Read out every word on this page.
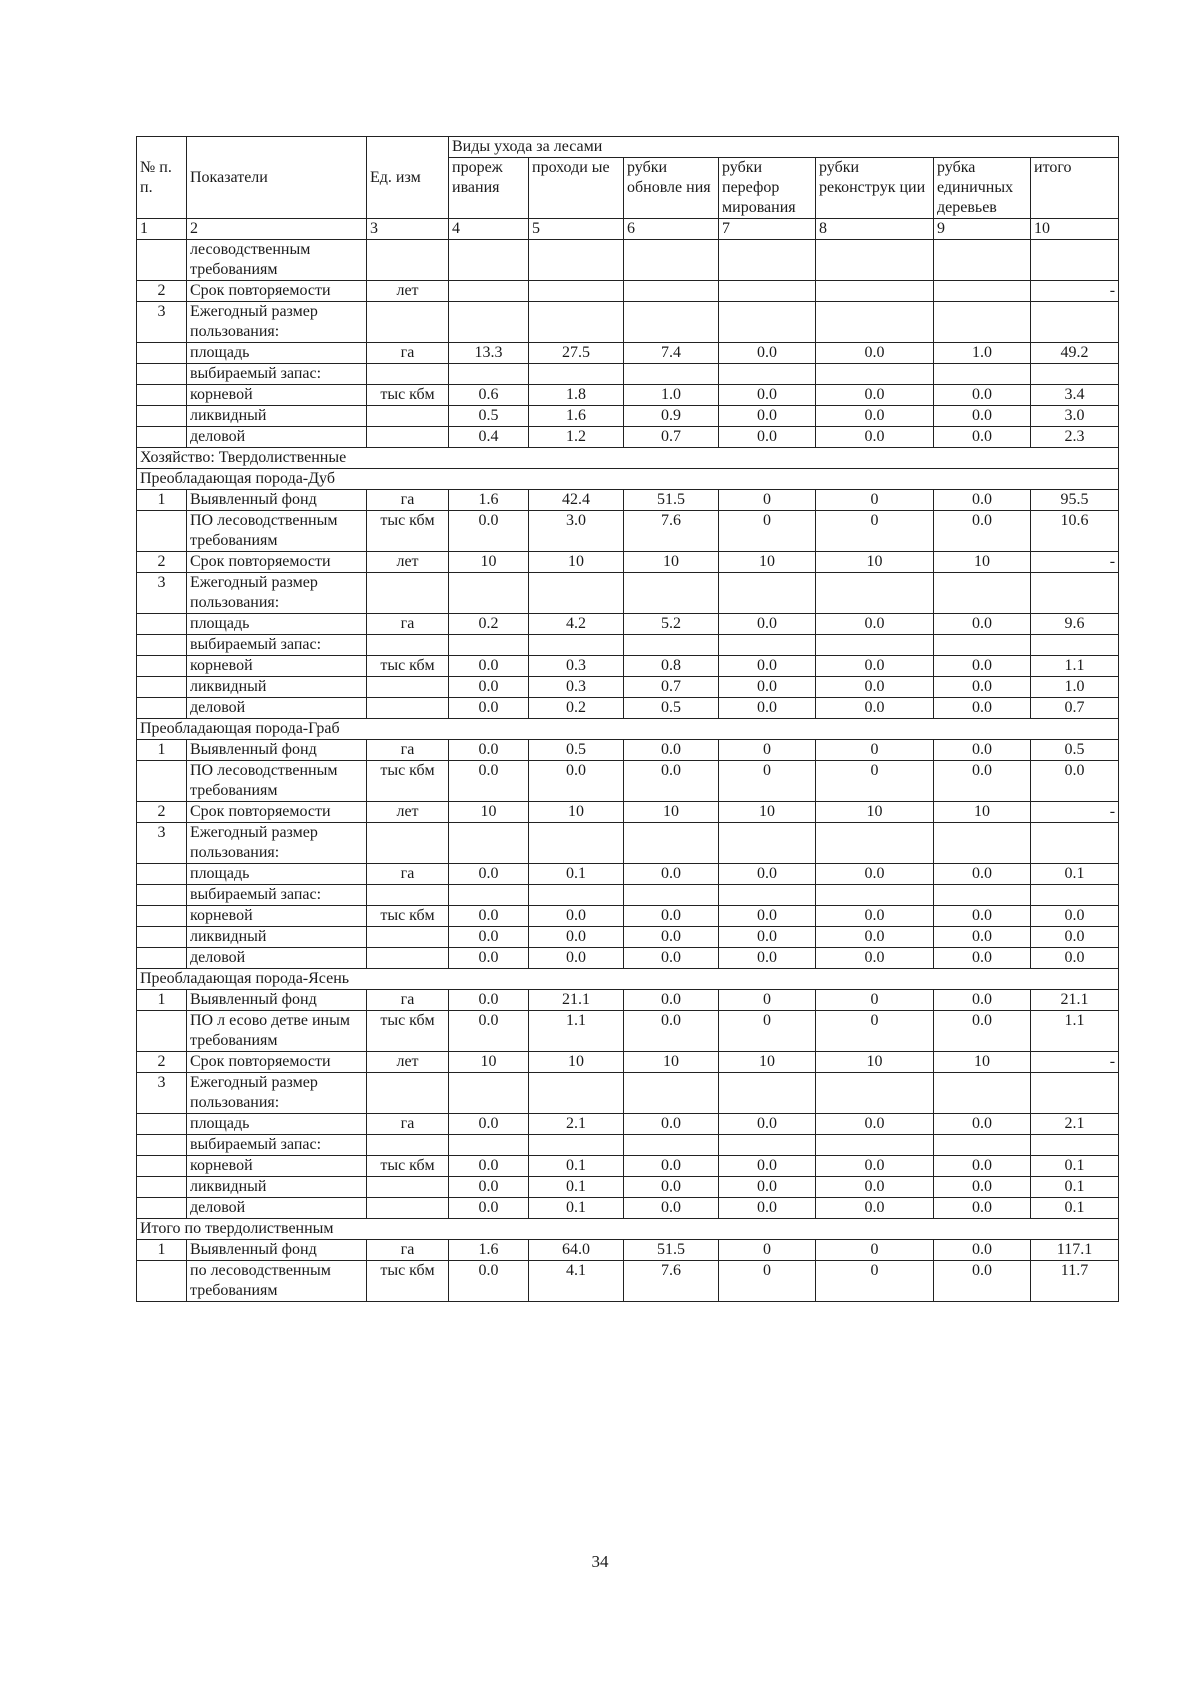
№ п. п.	Показатели	Ед. изм	Виды ухода за лесами						
			прореж ивания	проходи ые	рубки обновле ния	рубки перефор мирования	рубки реконструк ции	рубка единичных деревьев	итого
1	2	3	4	5	6	7	8	9	10
	лесоводственным требованиям								
2	Срок повторяемости	лет							-
3	Ежегодный размер пользования:								
	площадь	га	13.3	27.5	7.4	0.0	0.0	1.0	49.2
	выбираемый запас:								
	корневой	тыс кбм	0.6	1.8	1.0	0.0	0.0	0.0	3.4
	ликвидный		0.5	1.6	0.9	0.0	0.0	0.0	3.0
	деловой		0.4	1.2	0.7	0.0	0.0	0.0	2.3
Хозяйство: Твердолиственные									
Преобладающая порода-Дуб									
1	Выявленный фонд	га	1.6	42.4	51.5	0	0	0.0	95.5
	ПО лесоводственным требованиям	тыс кбм	0.0	3.0	7.6	0	0	0.0	10.6
2	Срок повторяемости	лет	10	10	10	10	10	10	-
3	Ежегодный размер пользования:								
	площадь	га	0.2	4.2	5.2	0.0	0.0	0.0	9.6
	выбираемый запас:								
	корневой	тыс кбм	0.0	0.3	0.8	0.0	0.0	0.0	1.1
	ликвидный		0.0	0.3	0.7	0.0	0.0	0.0	1.0
	деловой		0.0	0.2	0.5	0.0	0.0	0.0	0.7
Преобладающая порода-Граб									
1	Выявленный фонд	га	0.0	0.5	0.0	0	0	0.0	0.5
	ПО лесоводственным требованиям	тыс кбм	0.0	0.0	0.0	0	0	0.0	0.0
2	Срок повторяемости	лет	10	10	10	10	10	10	-
3	Ежегодный размер пользования:								
	площадь	га	0.0	0.1	0.0	0.0	0.0	0.0	0.1
	выбираемый запас:								
	корневой	тыс кбм	0.0	0.0	0.0	0.0	0.0	0.0	0.0
	ликвидный		0.0	0.0	0.0	0.0	0.0	0.0	0.0
	деловой		0.0	0.0	0.0	0.0	0.0	0.0	0.0
Преобладающая порода-Ясень									
1	Выявленный фонд	га	0.0	21.1	0.0	0	0	0.0	21.1
	ПО л есово детве иным требованиям	тыс кбм	0.0	1.1	0.0	0	0	0.0	1.1
2	Срок повторяемости	лет	10	10	10	10	10	10	-
3	Ежегодный размер пользования:								
	площадь	га	0.0	2.1	0.0	0.0	0.0	0.0	2.1
	выбираемый запас:								
	корневой	тыс кбм	0.0	0.1	0.0	0.0	0.0	0.0	0.1
	ликвидный		0.0	0.1	0.0	0.0	0.0	0.0	0.1
	деловой		0.0	0.1	0.0	0.0	0.0	0.0	0.1
Итого по твердолиственным									
1	Выявленный фонд	га	1.6	64.0	51.5	0	0	0.0	117.1
	по лесоводственным требованиям	тыс кбм	0.0	4.1	7.6	0	0	0.0	11.7
34
